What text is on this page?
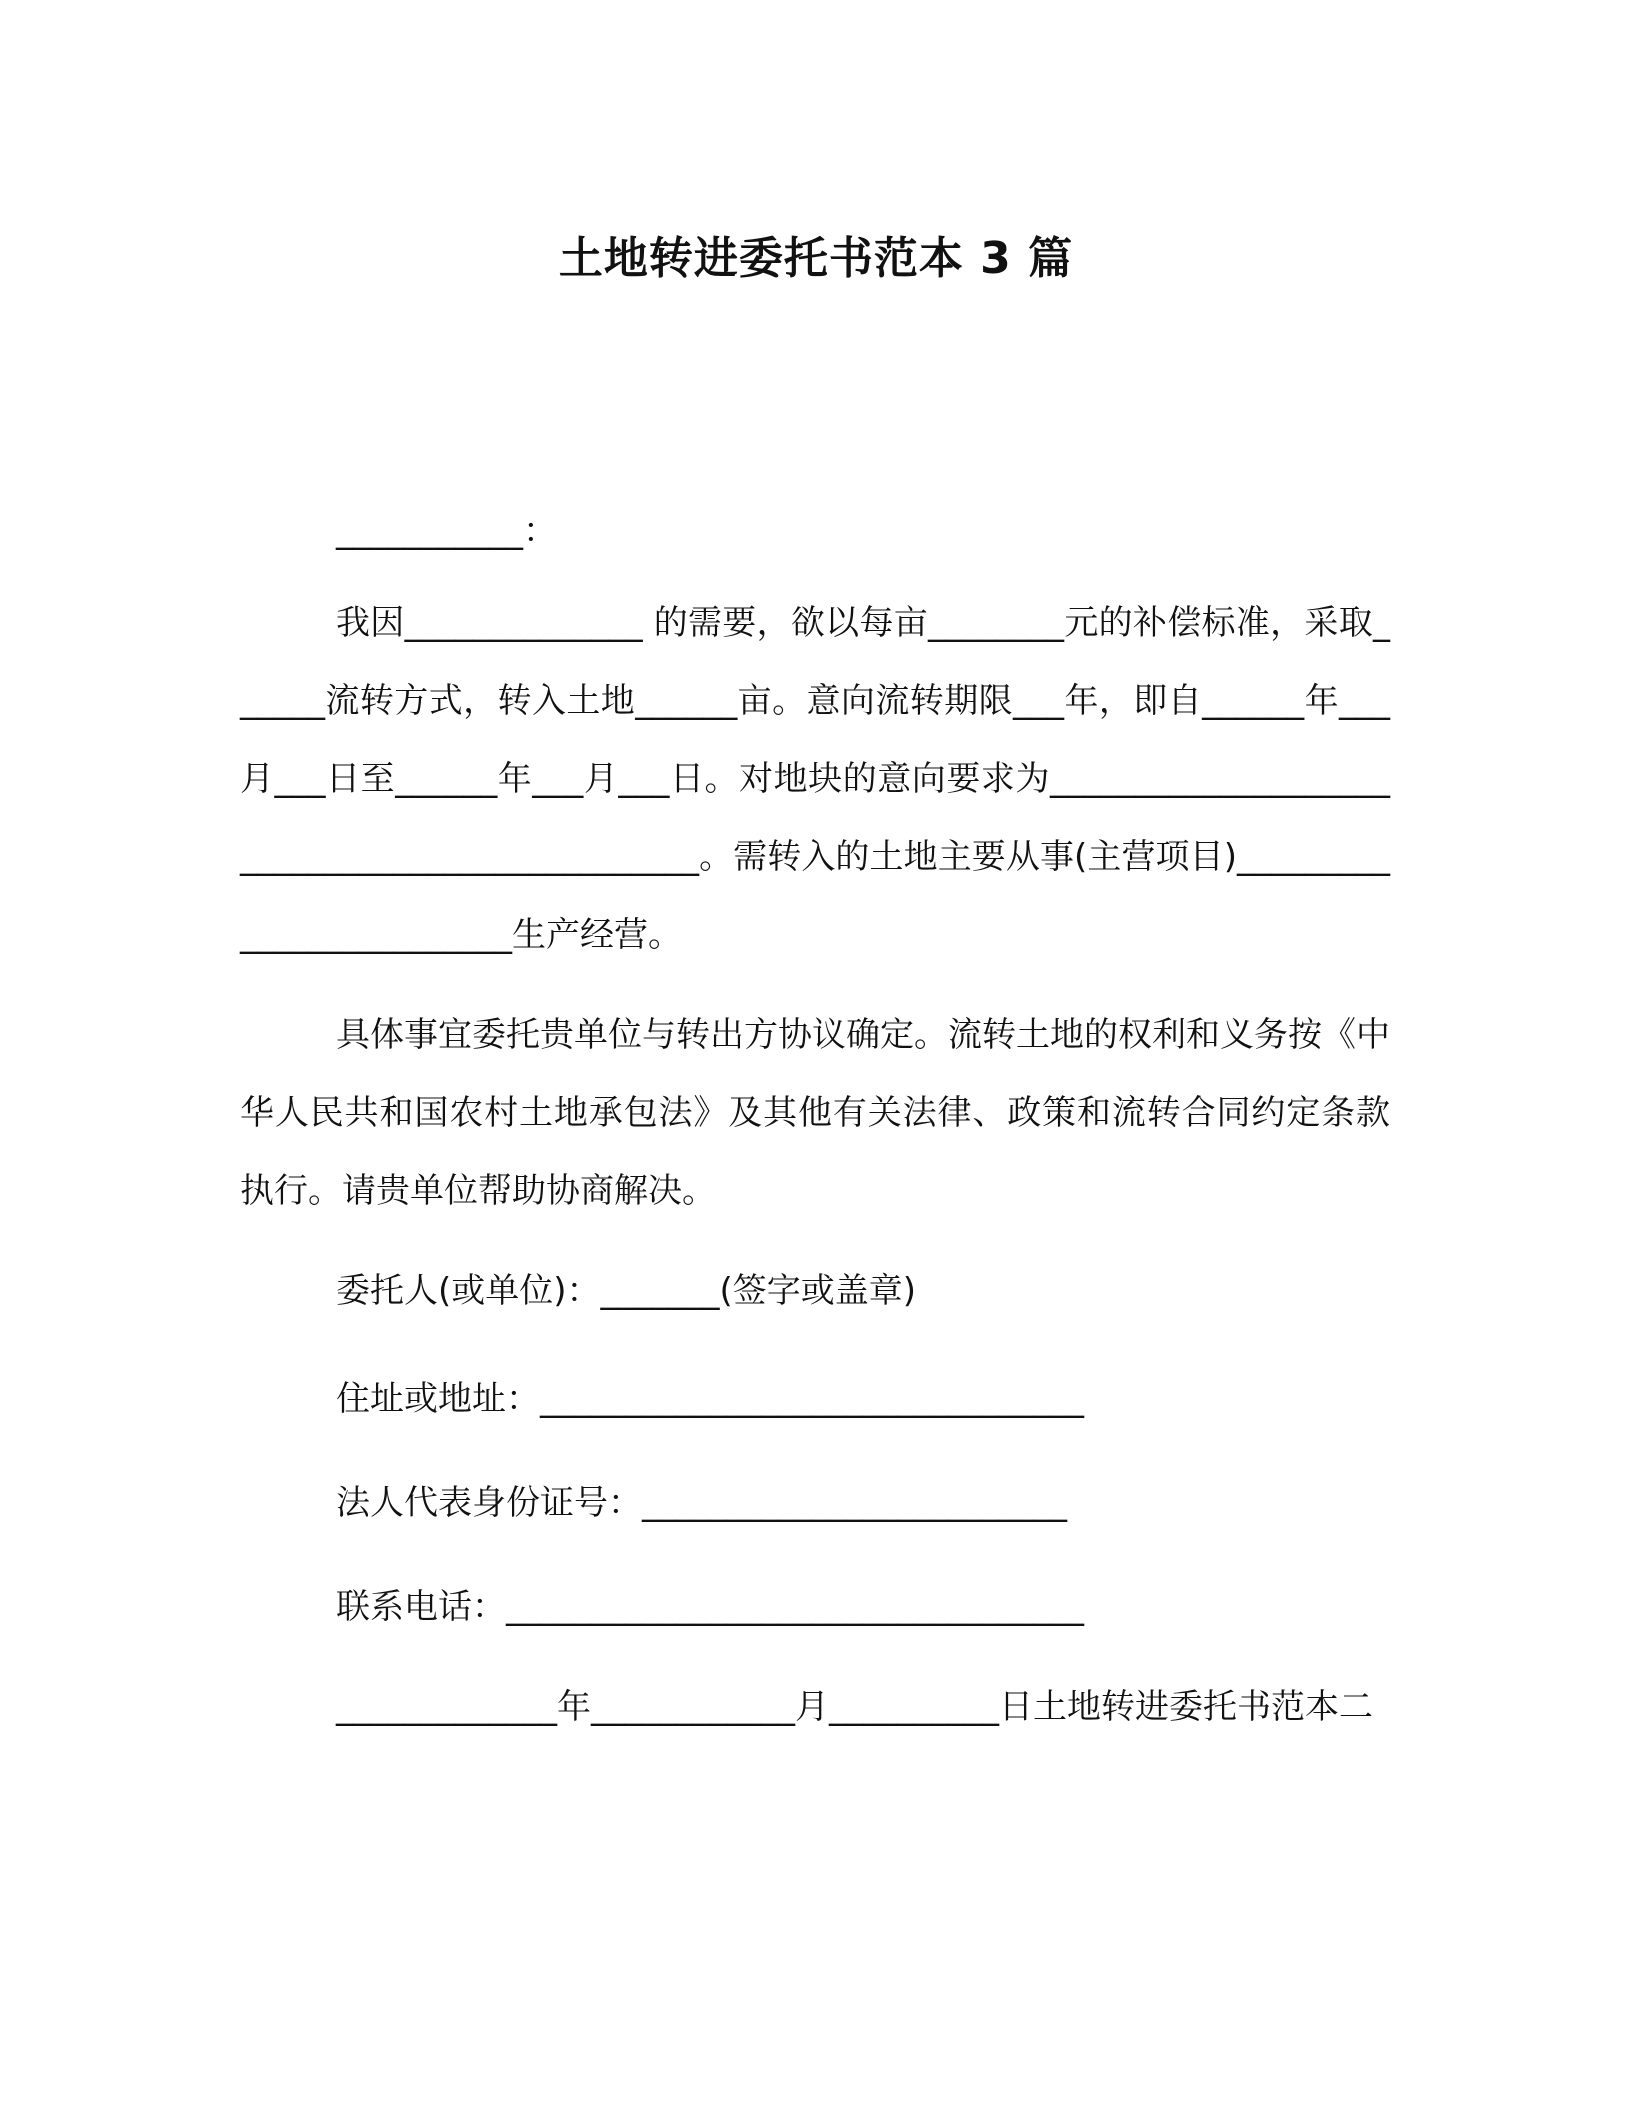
土地转进委托书范本 3 篇

___________：

我因______________ 的需要，欲以每亩________元的补偿标准，采取______流转方式，转入土地______亩。意向流转期限___年，即自______年___月___日至______年___月___日。对地块的意向要求为_______________________________________________。需转入的土地主要从事(主营项目)_________________________生产经营。

具体事宜委托贵单位与转出方协议确定。流转土地的权利和义务按《中华人民共和国农村土地承包法》及其他有关法律、政策和流转合同约定条款执行。请贵单位帮助协商解决。

委托人(或单位)：_______(签字或盖章)

住址或地址：________________________________

法人代表身份证号：_________________________

联系电话：__________________________________

_____________年____________月__________日土地转进委托书范本二
